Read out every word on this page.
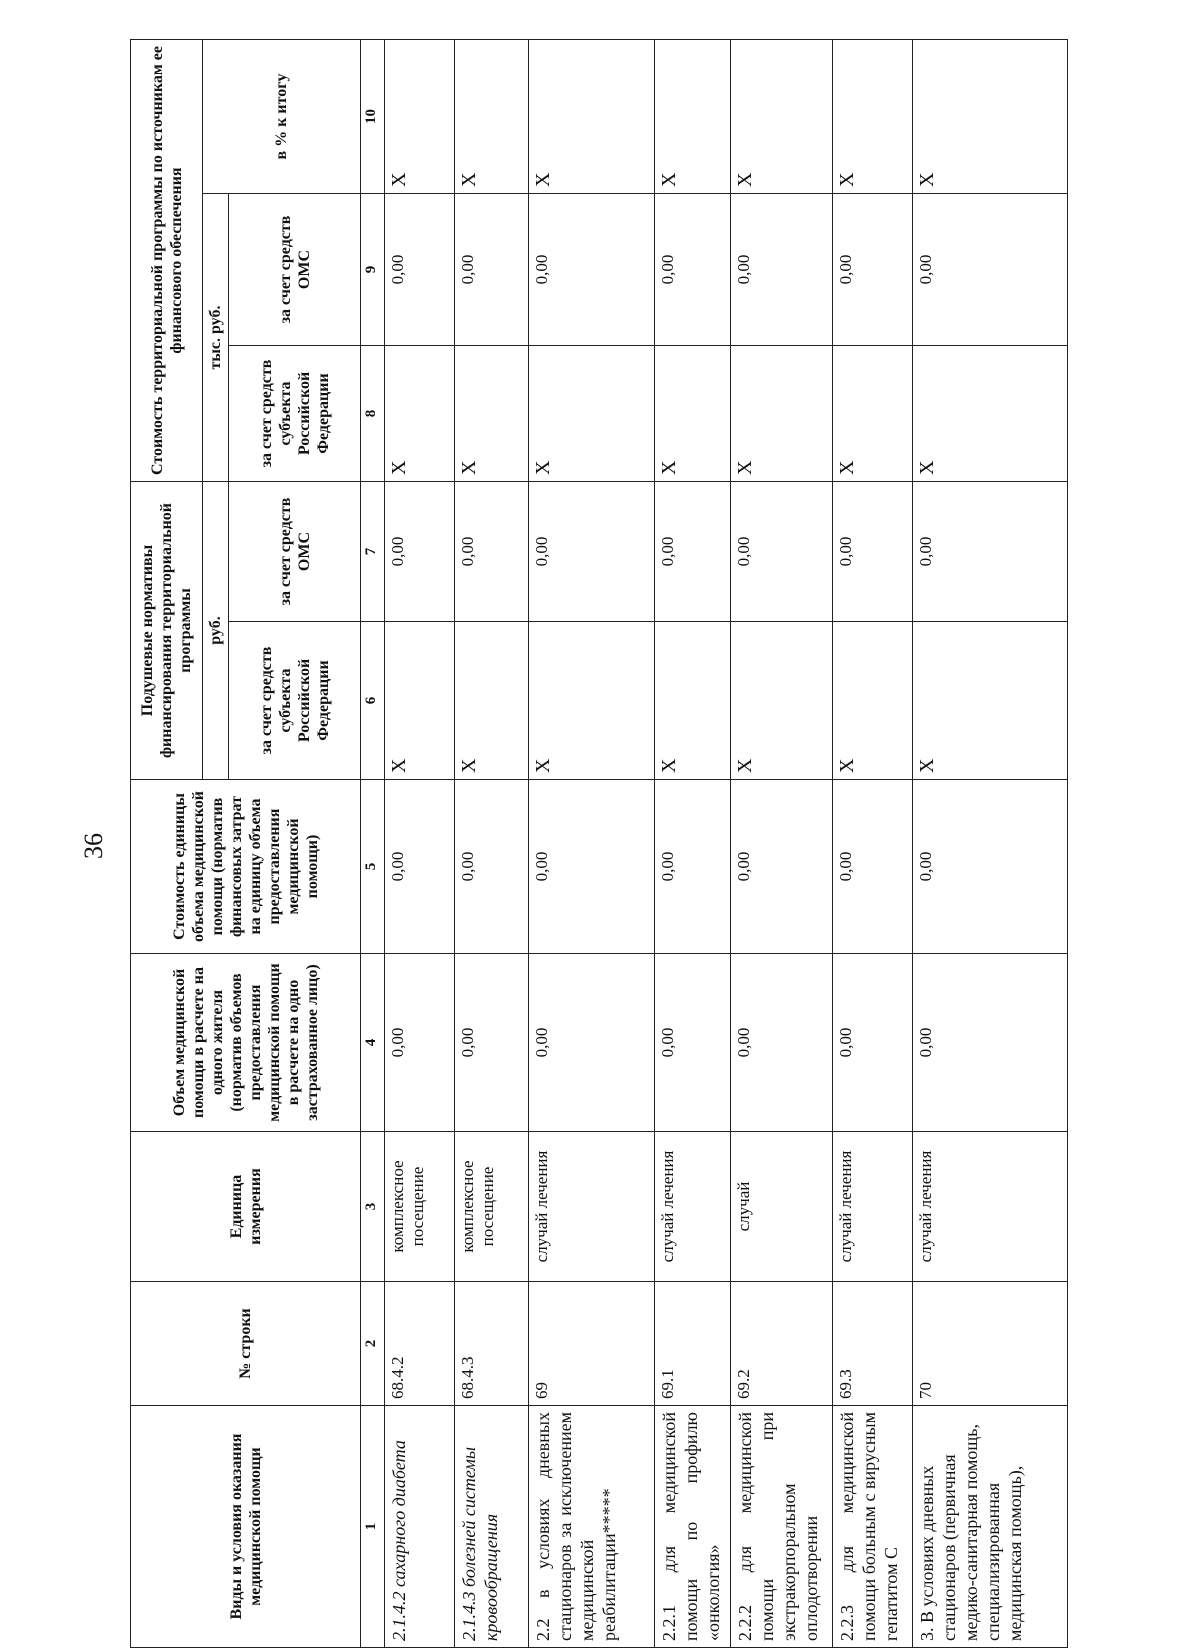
36
Виды и условия оказания медицинской помощи	№ строки	Единица измерения	Объем медицинской помощи в расчете на одного жителя (норматив объемов предоставления медицинской помощи в расчете на одно застрахованное лицо)	Стоимость единицы объема медицинской помощи (норматив финансовых затрат на единицу объема предоставления медицинской помощи)	Подушевые нормативы финансирования территориальной программы		Стоимость территориальной программы по источникам ее финансового обеспечения		
					руб.		тыс. руб.		в % к итогу
					за счет средств субъекта Российской Федерации	за счет средств ОМС	за счет средств субъекта Российской Федерации	за счет средств ОМС	
1	2	3	4	5	6	7	8	9	10
2.1.4.2 сахарного диабета	68.4.2	комплексное посещение	0,00	0,00	X	0,00	X	0,00	X
2.1.4.3 болезней системы кровообращения	68.4.3	комплексное посещение	0,00	0,00	X	0,00	X	0,00	X
2.2 в условиях дневных стационаров за исключением медицинской реабилитации*****	69	случай лечения	0,00	0,00	X	0,00	X	0,00	X
2.2.1 для медицинской помощи по профилю «онкология»	69.1	случай лечения	0,00	0,00	X	0,00	X	0,00	X
2.2.2 для медицинской помощи при экстракорпоральном оплодотворении	69.2	случай	0,00	0,00	X	0,00	X	0,00	X
2.2.3 для медицинской помощи больным с вирусным гепатитом С	69.3	случай лечения	0,00	0,00	X	0,00	X	0,00	X
3. В условиях дневных стационаров (первичная медико-санитарная помощь, специализированная медицинская помощь),	70	случай лечения	0,00	0,00	X	0,00	X	0,00	X
